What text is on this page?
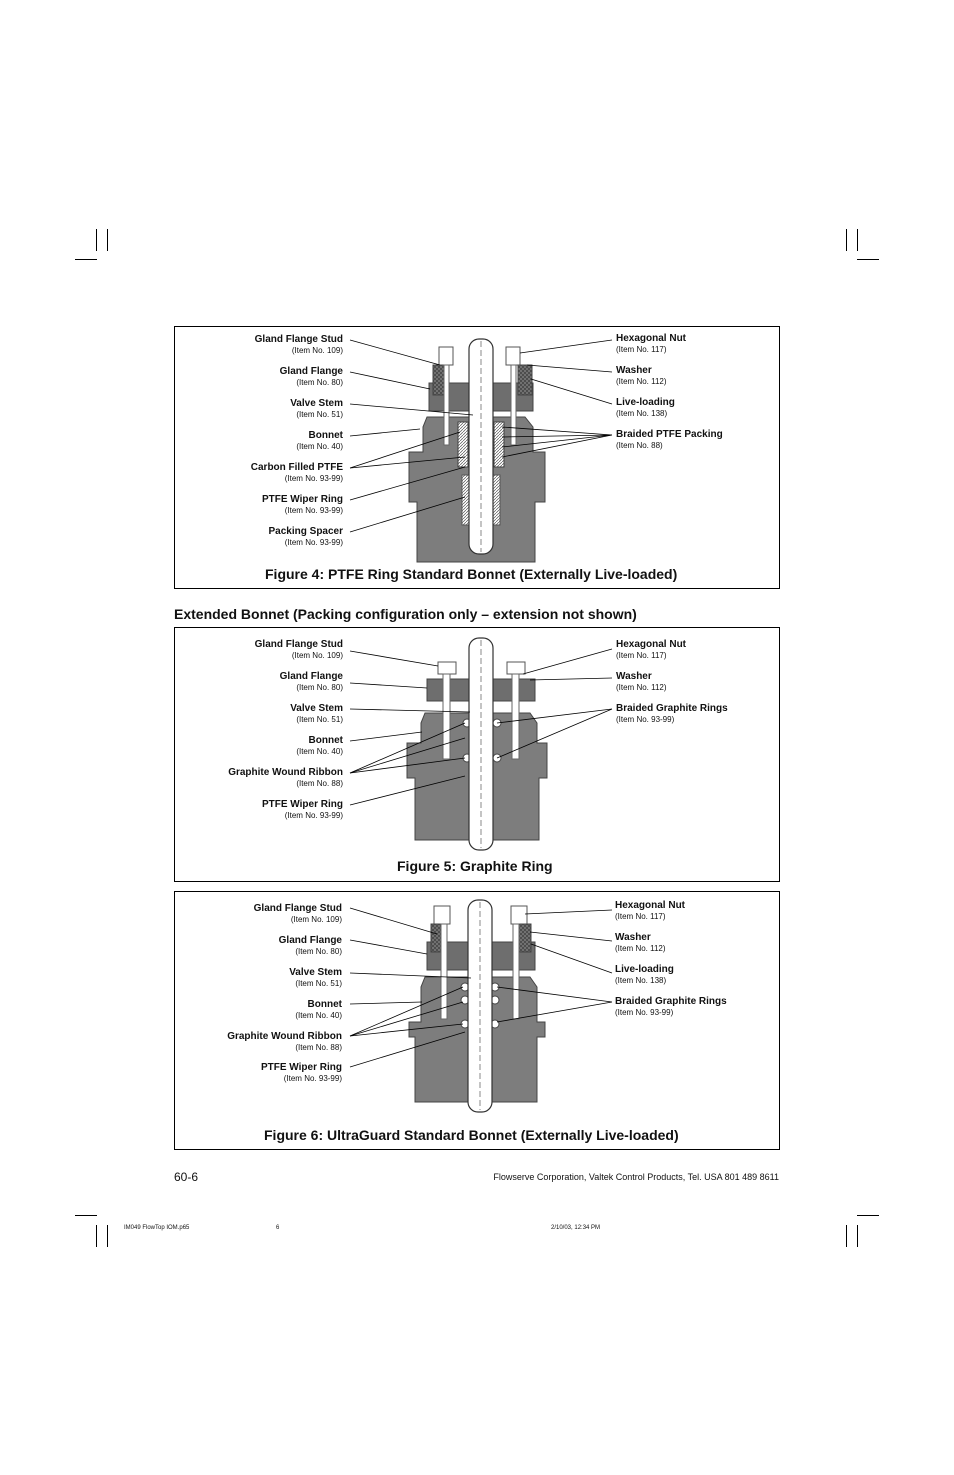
Gland Flange Stud
(Item No. 109)
Gland Flange
(Item No. 80)
Valve Stem
(Item No. 51)
Bonnet
(Item No. 40)
Carbon Filled PTFE
(Item No. 93-99)
PTFE Wiper Ring
(Item No. 93-99)
Packing Spacer
(Item No. 93-99)
Hexagonal Nut
(Item No. 117)
Washer
(Item No. 112)
Live-loading
(Item No. 138)
Braided PTFE Packing
(Item No. 88)
Figure 4: PTFE Ring Standard Bonnet (Externally Live-loaded)
Extended Bonnet (Packing configuration only – extension not shown)
Gland Flange Stud
(Item No. 109)
Gland Flange
(Item No. 80)
Valve Stem
(Item No. 51)
Bonnet
(Item No. 40)
Graphite Wound Ribbon
(Item No. 88)
PTFE Wiper Ring
(Item No. 93-99)
Hexagonal Nut
(Item No. 117)
Washer
(Item No. 112)
Braided Graphite Rings
(Item No. 93-99)
Figure 5: Graphite Ring
Gland Flange Stud
(Item No. 109)
Gland Flange
(Item No. 80)
Valve Stem
(Item No. 51)
Bonnet
(Item No. 40)
Graphite Wound Ribbon
(Item No. 88)
PTFE Wiper Ring
(Item No. 93-99)
Hexagonal Nut
(Item No. 117)
Washer
(Item No. 112)
Live-loading
(Item No. 138)
Braided Graphite Rings
(Item No. 93-99)
Figure 6: UltraGuard Standard Bonnet (Externally Live-loaded)
60-6	Flowserve Corporation, Valtek Control Products, Tel. USA 801 489 8611
IM049 FlowTop IOM.p65	6	2/10/03, 12:34 PM
